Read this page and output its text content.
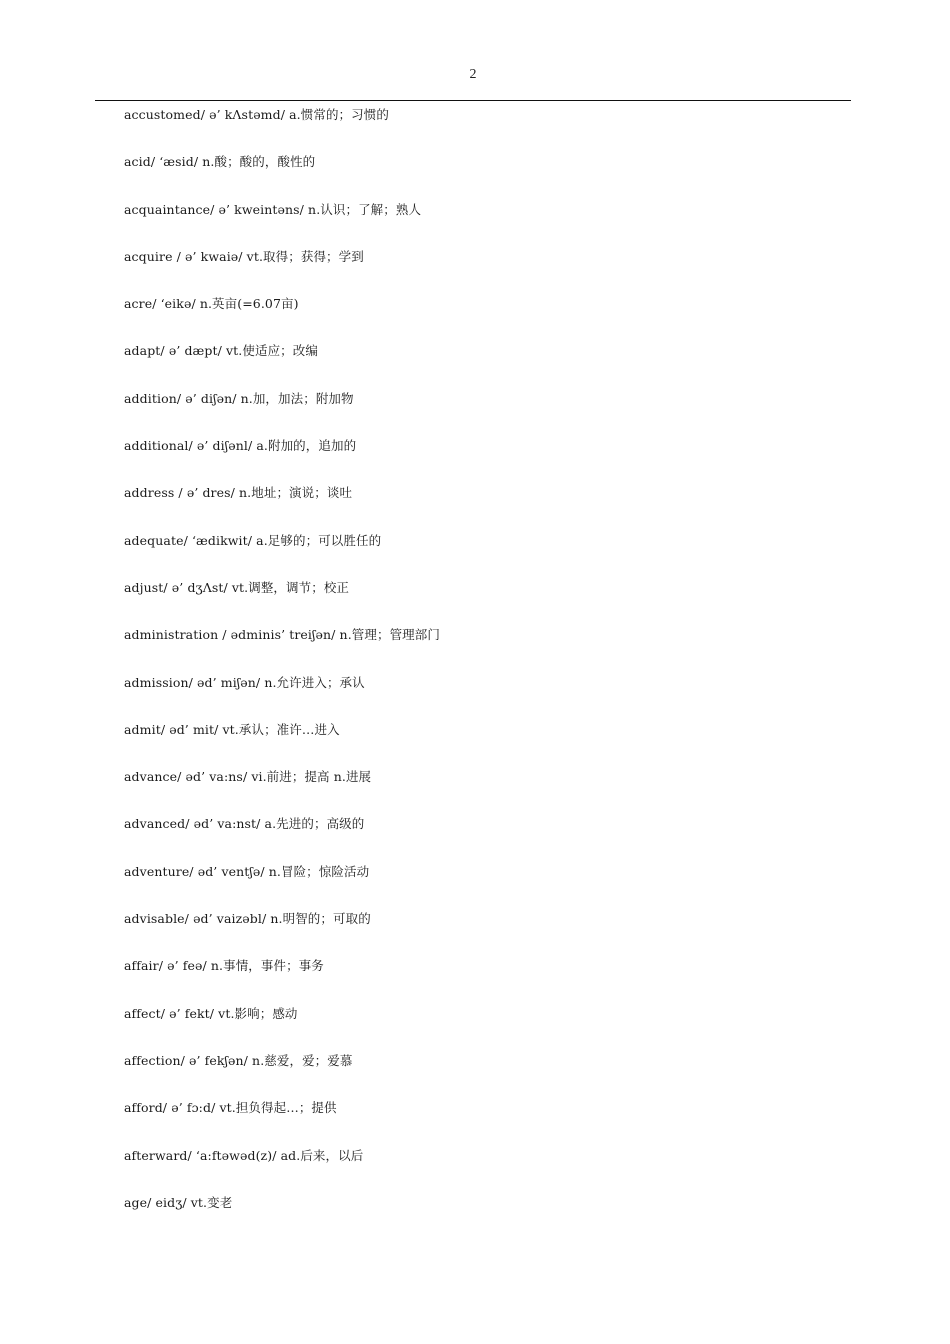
2
accustomed/ ə’ kΛstəmd/ a.惯常的；习惯的
acid/ ‘æsid/ n.酸；酸的，酸性的
acquaintance/ ə’ kweintəns/ n.认识；了解；熟人
acquire / ə’ kwaiə/ vt.取得；获得；学到
acre/ ‘eikə/ n.英亩(=6.07亩)
adapt/ ə’ dæpt/ vt.使适应；改编
addition/ ə’ diʃən/ n.加，加法；附加物
additional/ ə’ diʃənl/ a.附加的，追加的
address / ə’ dres/ n.地址；演说；谈吐
adequate/ ‘ædikwit/ a.足够的；可以胜任的
adjust/ ə’ dʒΛst/ vt.调整，调节；校正
administration / ədminis’ treiʃən/ n.管理；管理部门
admission/ əd’ miʃən/ n.允许进入；承认
admit/ əd’ mit/ vt.承认；准许…进入
advance/ əd’ va:ns/ vi.前进；提高 n.进展
advanced/ əd’ va:nst/ a.先进的；高级的
adventure/ əd’ ventʃə/ n.冒险；惊险活动
advisable/ əd’ vaizəbl/ n.明智的；可取的
affair/ ə’ feə/ n.事情，事件；事务
affect/ ə’ fekt/ vt.影响；感动
affection/ ə’ fekʃən/ n.慈爱，爱；爱慕
afford/ ə’ fɔ:d/ vt.担负得起…；提供
afterward/ ‘a:ftəwəd(z)/ ad.后来，以后
age/ eidʒ/ vt.变老
